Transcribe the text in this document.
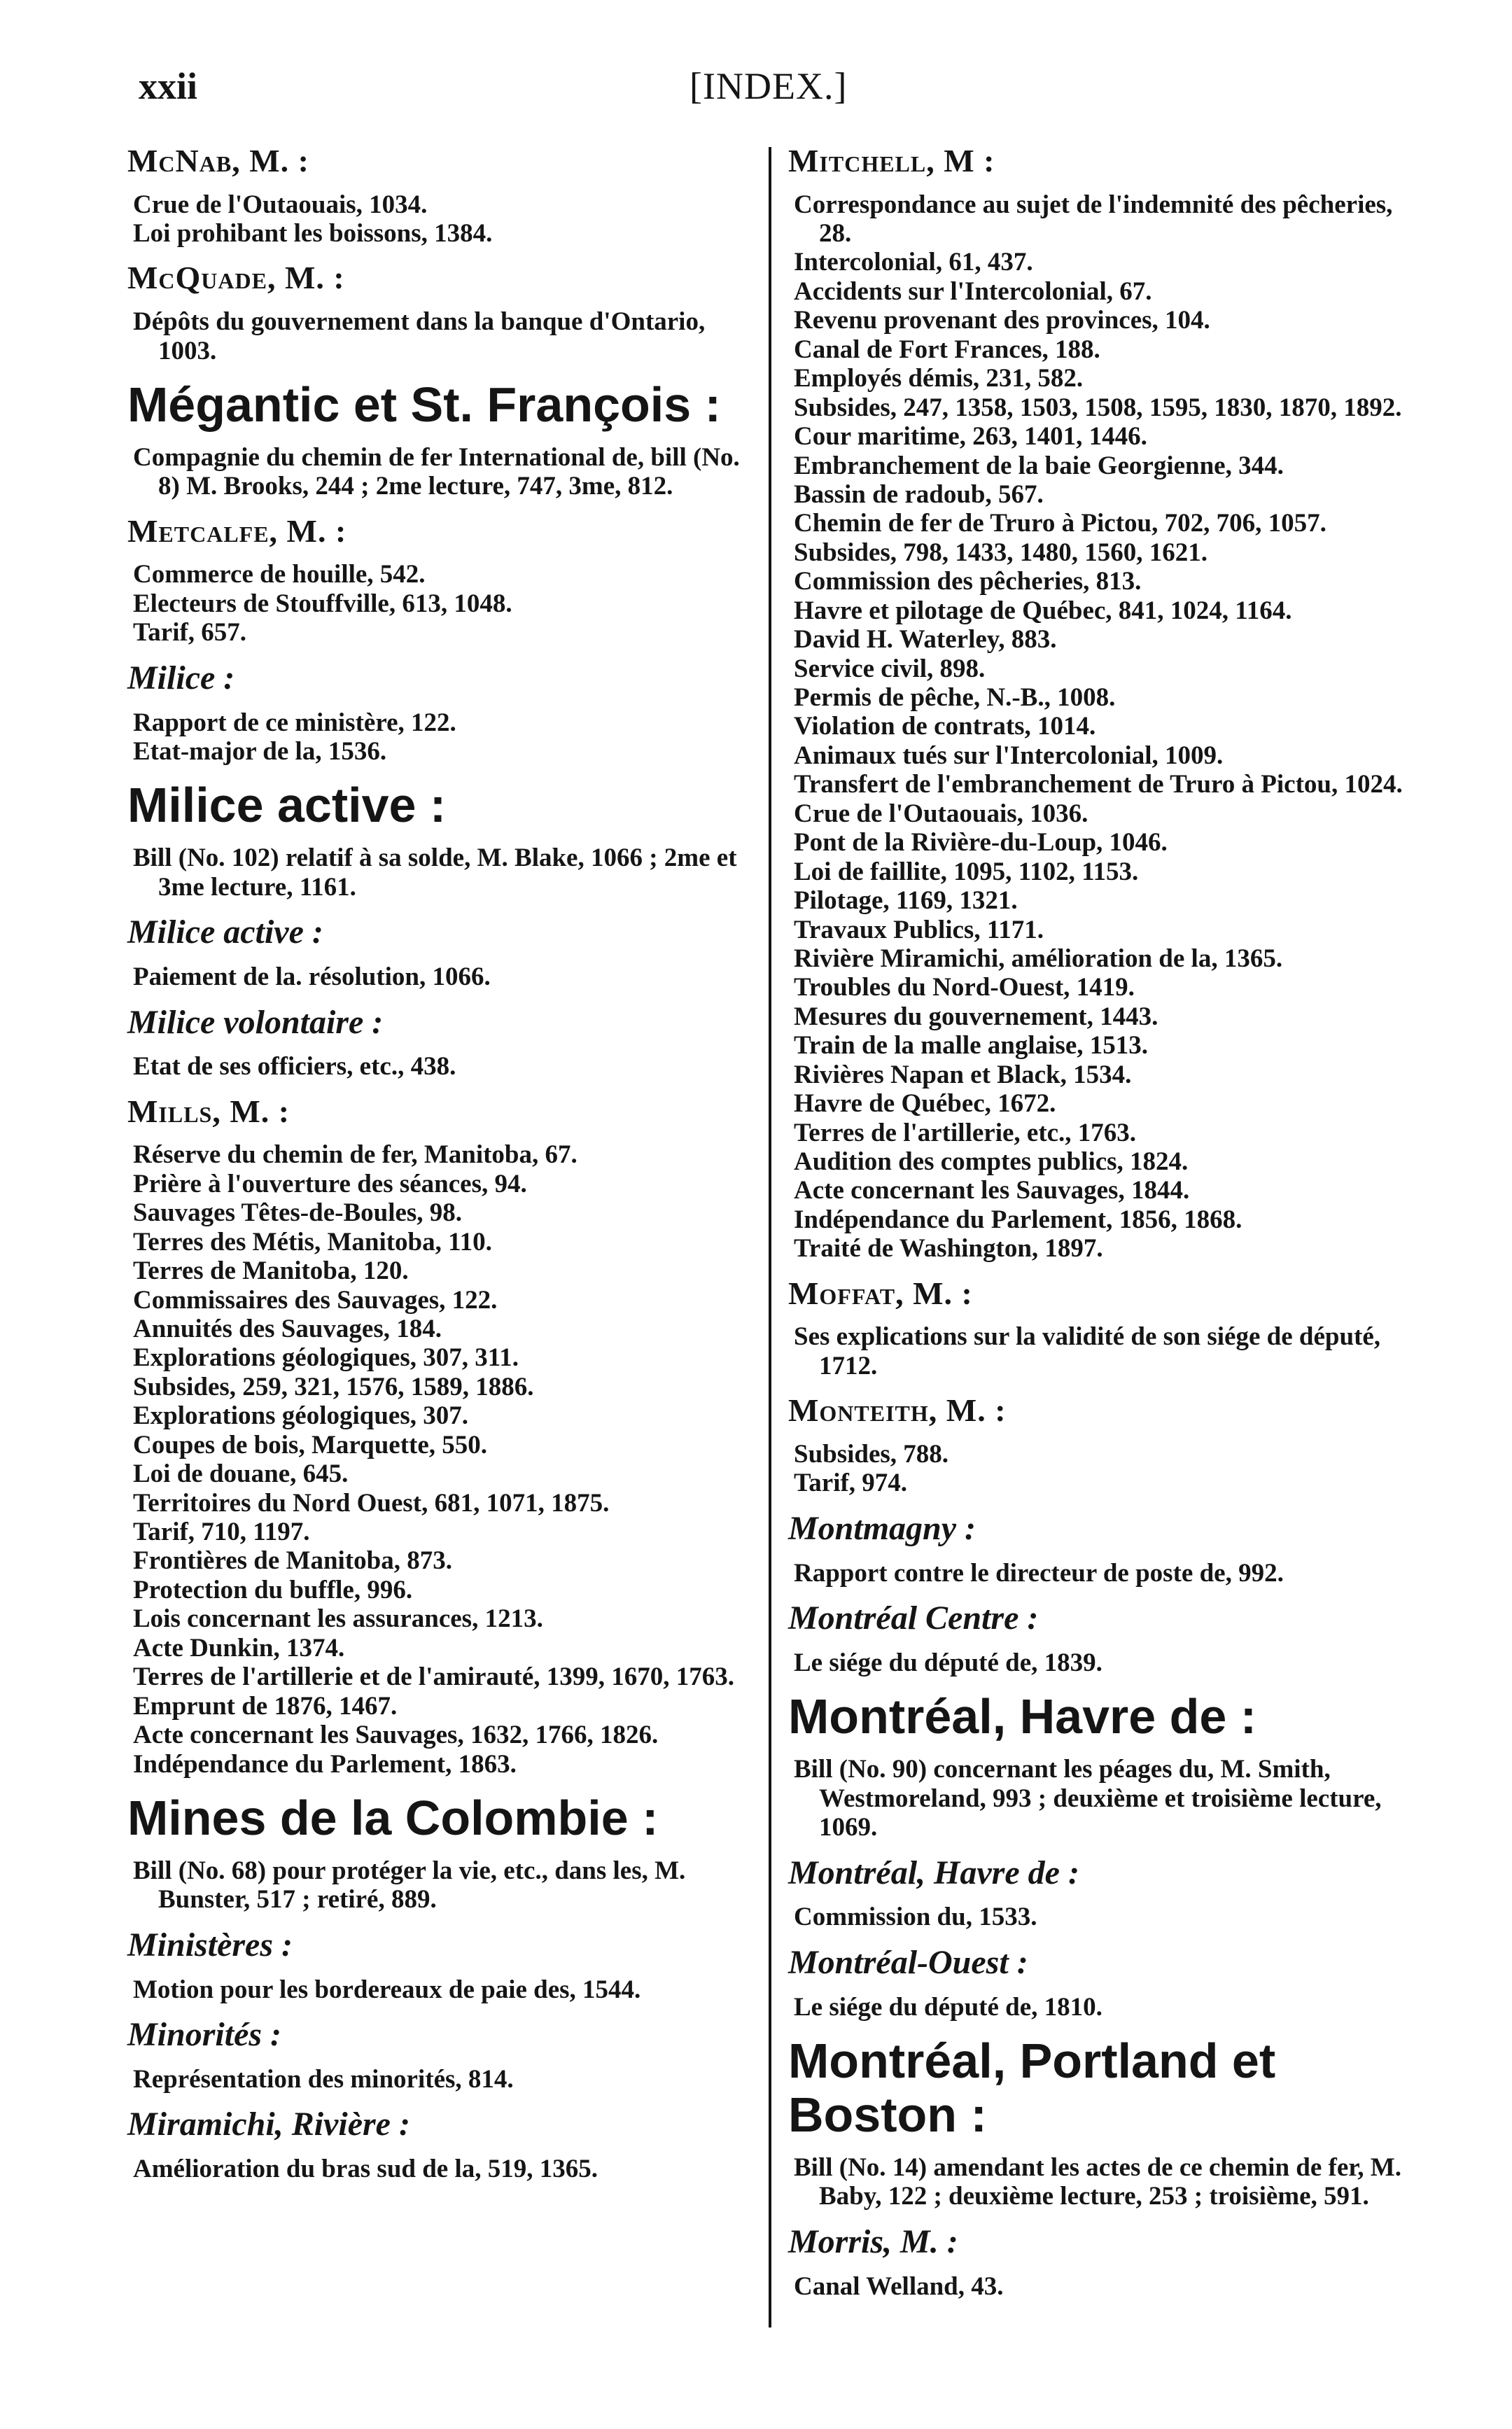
xxii	[INDEX.]
McNab, M. :
Crue de l'Outaouais, 1034.
Loi prohibant les boissons, 1384.
McQuade, M. :
Dépôts du gouvernement dans la banque d'Ontario, 1003.
Mégantic et St. François :
Compagnie du chemin de fer International de, bill (No. 8) M. Brooks, 244 ; 2me lecture, 747, 3me, 812.
Metcalfe, M. :
Commerce de houille, 542.
Electeurs de Stouffville, 613, 1048.
Tarif, 657.
Milice :
Rapport de ce ministère, 122.
Etat-major de la, 1536.
Milice active :
Bill (No. 102) relatif à sa solde, M. Blake, 1066 ; 2me et 3me lecture, 1161.
Milice active :
Paiement de la. résolution, 1066.
Milice volontaire :
Etat de ses officiers, etc., 438.
Mills, M. :
Réserve du chemin de fer, Manitoba, 67.
Prière à l'ouverture des séances, 94.
Sauvages Têtes-de-Boules, 98.
Terres des Métis, Manitoba, 110.
Terres de Manitoba, 120.
Commissaires des Sauvages, 122.
Annuités des Sauvages, 184.
Explorations géologiques, 307, 311.
Subsides, 259, 321, 1576, 1589, 1886.
Explorations géologiques, 307.
Coupes de bois, Marquette, 550.
Loi de douane, 645.
Territoires du Nord Ouest, 681, 1071, 1875.
Tarif, 710, 1197.
Frontières de Manitoba, 873.
Protection du buffle, 996.
Lois concernant les assurances, 1213.
Acte Dunkin, 1374.
Terres de l'artillerie et de l'amirauté, 1399, 1670, 1763.
Emprunt de 1876, 1467.
Acte concernant les Sauvages, 1632, 1766, 1826.
Indépendance du Parlement, 1863.
Mines de la Colombie :
Bill (No. 68) pour protéger la vie, etc., dans les, M. Bunster, 517 ; retiré, 889.
Ministères :
Motion pour les bordereaux de paie des, 1544.
Minorités :
Représentation des minorités, 814.
Miramichi, Rivière :
Amélioration du bras sud de la, 519, 1365.
Mitchell, M :
Correspondance au sujet de l'indemnité des pêcheries, 28.
Intercolonial, 61, 437.
Accidents sur l'Intercolonial, 67.
Revenu provenant des provinces, 104.
Canal de Fort Frances, 188.
Employés démis, 231, 582.
Subsides, 247, 1358, 1503, 1508, 1595, 1830, 1870, 1892.
Cour maritime, 263, 1401, 1446.
Embranchement de la baie Georgienne, 344.
Bassin de radoub, 567.
Chemin de fer de Truro à Pictou, 702, 706, 1057.
Subsides, 798, 1433, 1480, 1560, 1621.
Commission des pêcheries, 813.
Havre et pilotage de Québec, 841, 1024, 1164.
David H. Waterley, 883.
Service civil, 898.
Permis de pêche, N.-B., 1008.
Violation de contrats, 1014.
Animaux tués sur l'Intercolonial, 1009.
Transfert de l'embranchement de Truro à Pictou, 1024.
Crue de l'Outaouais, 1036.
Pont de la Rivière-du-Loup, 1046.
Loi de faillite, 1095, 1102, 1153.
Pilotage, 1169, 1321.
Travaux Publics, 1171.
Rivière Miramichi, amélioration de la, 1365.
Troubles du Nord-Ouest, 1419.
Mesures du gouvernement, 1443.
Train de la malle anglaise, 1513.
Rivières Napan et Black, 1534.
Havre de Québec, 1672.
Terres de l'artillerie, etc., 1763.
Audition des comptes publics, 1824.
Acte concernant les Sauvages, 1844.
Indépendance du Parlement, 1856, 1868.
Traité de Washington, 1897.
Moffat, M. :
Ses explications sur la validité de son siége de député, 1712.
Monteith, M. :
Subsides, 788.
Tarif, 974.
Montmagny :
Rapport contre le directeur de poste de, 992.
Montréal Centre :
Le siége du député de, 1839.
Montréal, Havre de :
Bill (No. 90) concernant les péages du, M. Smith, Westmoreland, 993 ; deuxième et troisième lecture, 1069.
Montréal, Havre de :
Commission du, 1533.
Montréal-Ouest :
Le siége du député de, 1810.
Montréal, Portland et Boston :
Bill (No. 14) amendant les actes de ce chemin de fer, M. Baby, 122 ; deuxième lecture, 253 ; troisième, 591.
Morris, M. :
Canal Welland, 43.
